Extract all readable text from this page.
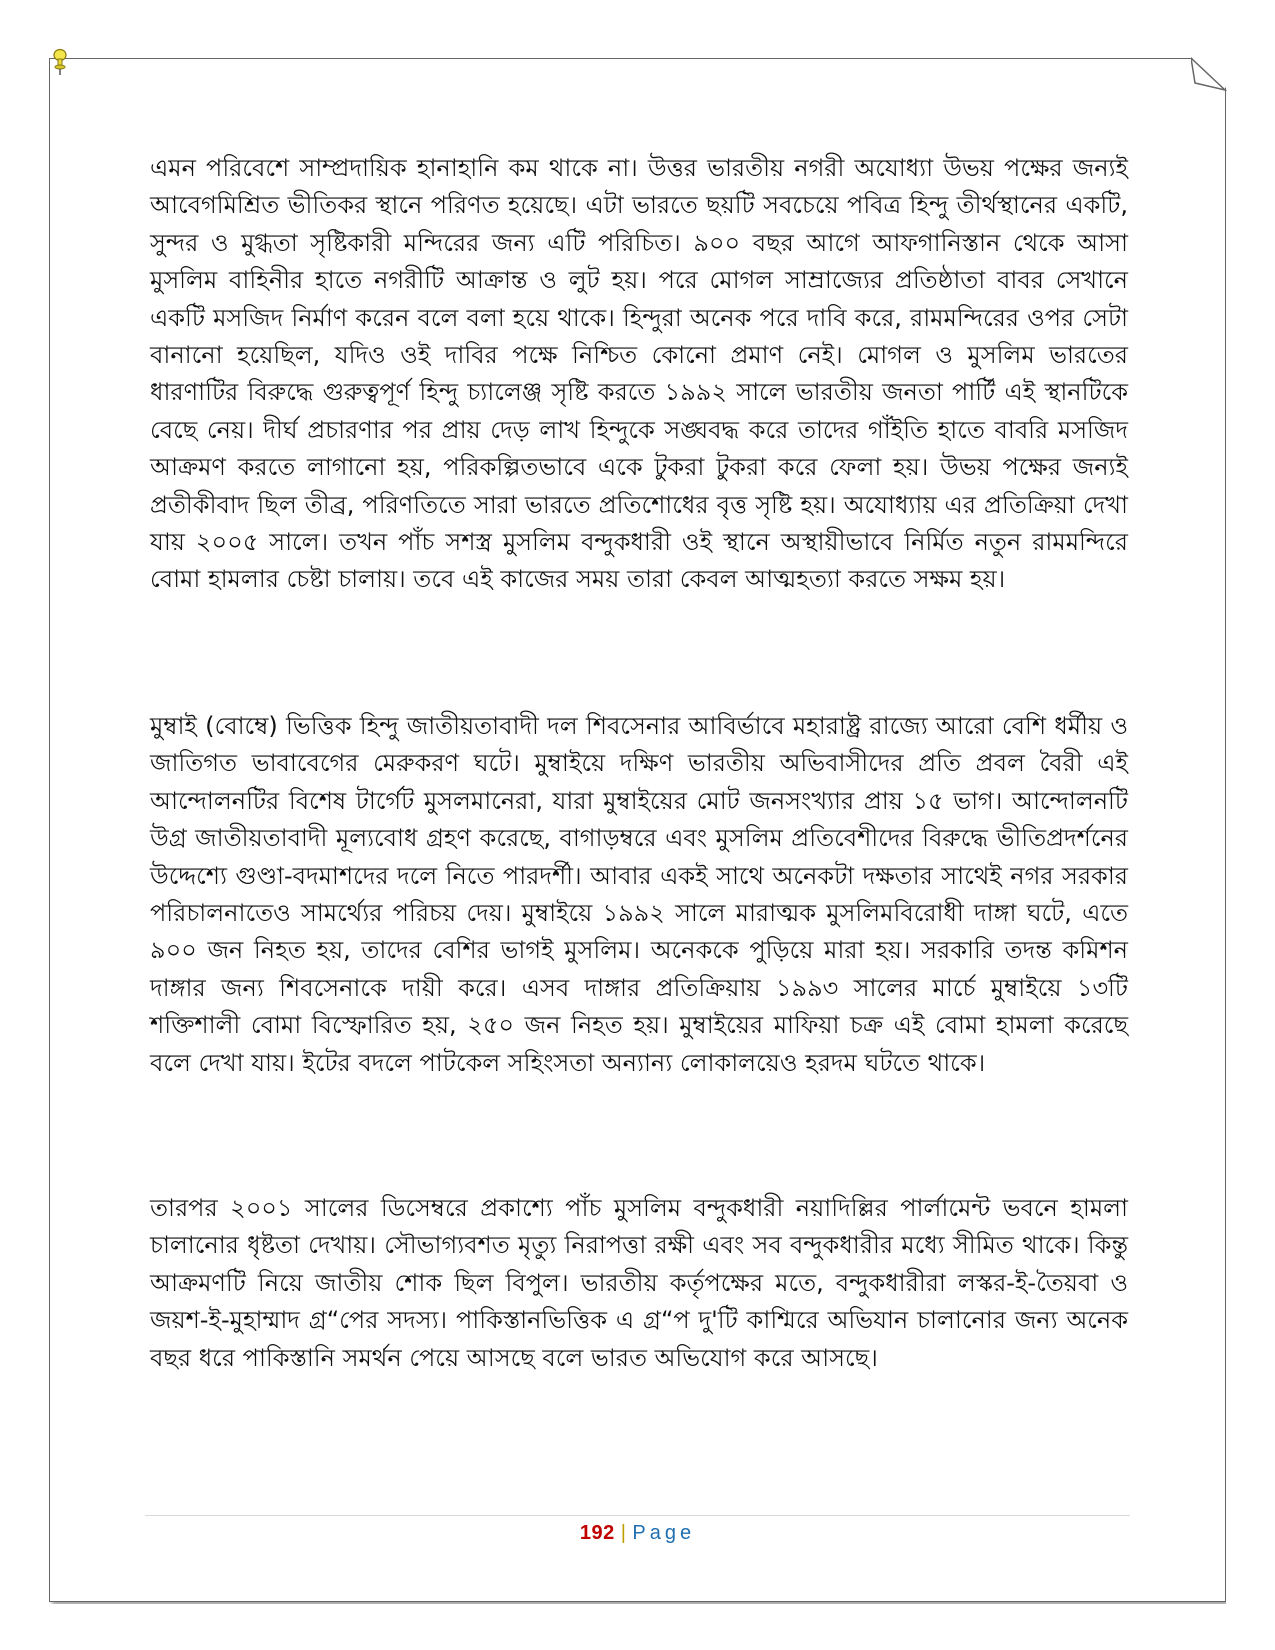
এমন পরিবেশে সাম্প্রদায়িক হানাহানি কম থাকে না। উত্তর ভারতীয় নগরী অযোধ্যা উভয় পক্ষের জন্যই আবেগমিশ্রিত ভীতিকর স্থানে পরিণত হয়েছে। এটা ভারতে ছয়টি সবচেয়ে পবিত্র হিন্দু তীর্থস্থানের একটি, সুন্দর ও মুগ্ধতা সৃষ্টিকারী মন্দিরের জন্য এটি পরিচিত। ৯০০ বছর আগে আফগানিস্তান থেকে আসা মুসলিম বাহিনীর হাতে নগরীটি আক্রান্ত ও লুট হয়। পরে মোগল সাম্রাজ্যের প্রতিষ্ঠাতা বাবর সেখানে একটি মসজিদ নির্মাণ করেন বলে বলা হয়ে থাকে। হিন্দুরা অনেক পরে দাবি করে, রামমন্দিরের ওপর সেটা বানানো হয়েছিল, যদিও ওই দাবির পক্ষে নিশ্চিত কোনো প্রমাণ নেই। মোগল ও মুসলিম ভারতের ধারণাটির বিরুদ্ধে গুরুত্বপূর্ণ হিন্দু চ্যালেঞ্জ সৃষ্টি করতে ১৯৯২ সালে ভারতীয় জনতা পার্টি এই স্থানটিকে বেছে নেয়। দীর্ঘ প্রচারণার পর প্রায় দেড় লাখ হিন্দুকে সঙ্ঘবদ্ধ করে তাদের গাঁইতি হাতে বাবরি মসজিদ আক্রমণ করতে লাগানো হয়, পরিকল্পিতভাবে একে টুকরা টুকরা করে ফেলা হয়। উভয় পক্ষের জন্যই প্রতীকীবাদ ছিল তীব্র, পরিণতিতে সারা ভারতে প্রতিশোধের বৃত্ত সৃষ্টি হয়। অযোধ্যায় এর প্রতিক্রিয়া দেখা যায় ২০০৫ সালে। তখন পাঁচ সশস্ত্র মুসলিম বন্দুকধারী ওই স্থানে অস্থায়ীভাবে নির্মিত নতুন রামমন্দিরে বোমা হামলার চেষ্টা চালায়। তবে এই কাজের সময় তারা কেবল আত্মহত্যা করতে সক্ষম হয়।

মুম্বাই (বোম্বে) ভিত্তিক হিন্দু জাতীয়তাবাদী দল শিবসেনার আবির্ভাবে মহারাষ্ট্র রাজ্যে আরো বেশি ধর্মীয় ও জাতিগত ভাবাবেগের মেরুকরণ ঘটে। মুম্বাইয়ে দক্ষিণ ভারতীয় অভিবাসীদের প্রতি প্রবল বৈরী এই আন্দোলনটির বিশেষ টার্গেট মুসলমানেরা, যারা মুম্বাইয়ের মোট জনসংখ্যার প্রায় ১৫ ভাগ। আন্দোলনটি উগ্র জাতীয়তাবাদী মূল্যবোধ গ্রহণ করেছে, বাগাড়ম্বরে এবং মুসলিম প্রতিবেশীদের বিরুদ্ধে ভীতিপ্রদর্শনের উদ্দেশ্যে গুণ্ডা-বদমাশদের দলে নিতে পারদর্শী। আবার একই সাথে অনেকটা দক্ষতার সাথেই নগর সরকার পরিচালনাতেও সামর্থ্যের পরিচয় দেয়। মুম্বাইয়ে ১৯৯২ সালে মারাত্মক মুসলিমবিরোধী দাঙ্গা ঘটে, এতে ৯০০ জন নিহত হয়, তাদের বেশির ভাগই মুসলিম। অনেককে পুড়িয়ে মারা হয়। সরকারি তদন্ত কমিশন দাঙ্গার জন্য শিবসেনাকে দায়ী করে। এসব দাঙ্গার প্রতিক্রিয়ায় ১৯৯৩ সালের মার্চে মুম্বাইয়ে ১৩টি শক্তিশালী বোমা বিস্ফোরিত হয়, ২৫০ জন নিহত হয়। মুম্বাইয়ের মাফিয়া চক্র এই বোমা হামলা করেছে বলে দেখা যায়। ইটের বদলে পাটকেল সহিংসতা অন্যান্য লোকালয়েও হরদম ঘটতে থাকে।

তারপর ২০০১ সালের ডিসেম্বরে প্রকাশ্যে পাঁচ মুসলিম বন্দুকধারী নয়াদিল্লির পার্লামেন্ট ভবনে হামলা চালানোর ধৃষ্টতা দেখায়। সৌভাগ্যবশত মৃত্যু নিরাপত্তা রক্ষী এবং সব বন্দুকধারীর মধ্যে সীমিত থাকে। কিন্তু আক্রমণটি নিয়ে জাতীয় শোক ছিল বিপুল। ভারতীয় কর্তৃপক্ষের মতে, বন্দুকধারীরা লস্কর-ই-তৈয়বা ও জয়শ-ই-মুহাম্মাদ গ্র“পের সদস্য। পাকিস্তানভিত্তিক এ গ্র“প দু'টি কাশ্মিরে অভিযান চালানোর জন্য অনেক বছর ধরে পাকিস্তানি সমর্থন পেয়ে আসছে বলে ভারত অভিযোগ করে আসছে।

192 | Page
